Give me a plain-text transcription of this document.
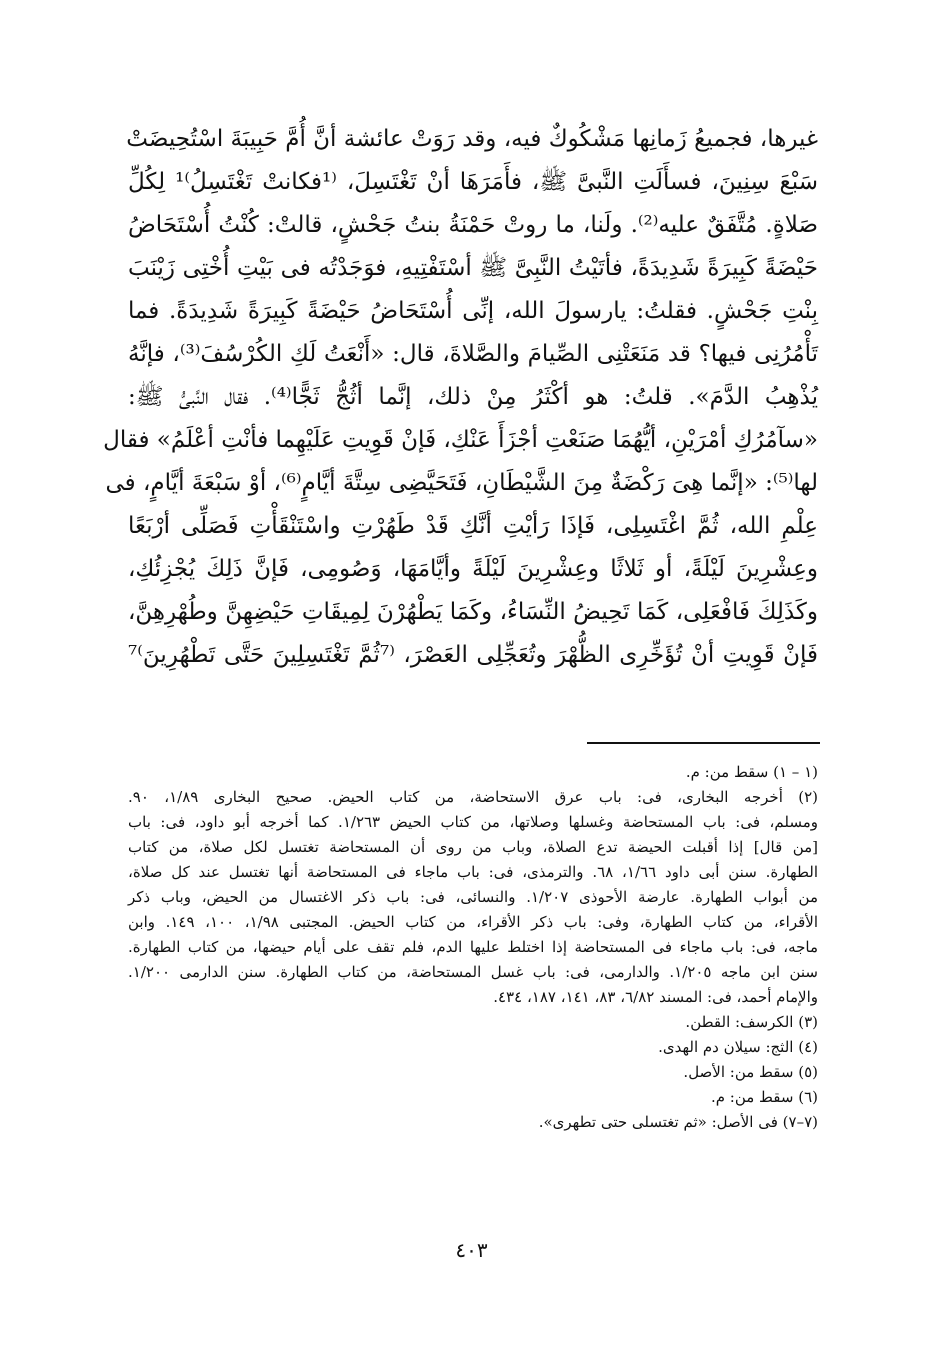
غيرها، فجميعُ زَمانِها مَشْكُوكٌ فيه، وقد رَوَتْ عائشة أنَّ أُمَّ حَبِيبَةَ اسْتُحِيضَتْ
سَبْعَ سِنِينَ، فسأَلَتِ النَّبىَّ ﷺ، فأَمَرَهَا أنْ تَغْتَسِلَ، ⁽¹فكانتْ تَغْتَسِلُ⁾¹ لِكُلِّ
صَلاةٍ. مُتَّفَقٌ عليه⁽²⁾. ولَنا، ما روتْ حَمْنَةُ بنتُ جَحْشٍ، قالتْ: كُنْتُ أُسْتَحَاضُ
حَيْضَةً كَبِيرَةً شَدِيدَةً، فأتَيْتُ النَّبِىَّ ﷺ أسْتَفْتِيهِ، فوَجَدْتُه فى بَيْتِ أُخْتِى زَيْنَبَ
بِنْتِ جَحْشٍ. فقلتُ: يارسولَ الله، إنِّى أُسْتَحَاضُ حَيْضَةً كَبِيرَةً شَدِيدَةً. فما
تَأْمُرُنِى فيها؟ قد مَنَعَتْنِى الصِّيامَ والصَّلاةَ، قال: «أَنْعَتُ لَكِ الكُرْسُفَ⁽³⁾، فإنَّهُ
يُذْهِبُ الدَّمَ». قلتُ: هو أكْثَرُ مِنْ ذلك، إنَّما أثُجُّ ثَجًّا⁽⁴⁾. فقال النَّبىُّ ﷺ:
«سآمُرُكِ أمْرَيْنِ، أيُّهُمَا صَنَعْتِ أجْزَأَ عَنْكِ، فَإنْ قَوِيتِ عَلَيْهِما فأنْتِ أعْلَمُ» فقال
لها⁽⁵⁾: «إنَّما هِىَ رَكْضَةٌ مِنَ الشَّيْطَانِ، فَتَحَيَّضِى سِتَّةَ أيَّامٍ⁽⁶⁾، أوْ سَبْعَةَ أيَّامٍ، فى
عِلْمِ الله، ثُمَّ اغْتَسِلِى، فَإذَا رَأيْتِ أنَّكِ قَدْ طَهُرْتِ واسْتَنْقَأْتِ فَصَلِّى أرْبَعًا
وعِشْرِينَ لَيْلَةً، أو ثَلاثًا وعِشْرِينَ لَيْلَةً وأيَّامَهَا، وَصُومِى، فَإنَّ ذَلِكَ يُجْزِئُكِ،
وكَذَلِكَ فَافْعَلِى، كَمَا تَحِيضُ النِّسَاءُ، وكَمَا يَطْهُرْنَ لِمِيقَاتِ حَيْضِهِنَّ وطُهْرِهِنَّ،
فَإنْ قَوِيتِ أنْ تُؤَخِّرِى الظُّهْرَ وتُعَجِّلِى العَصْرَ، ⁽⁷ثُمَّ تَغْتَسِلِينَ حَتَّى تَطْهُرِينَ⁾⁷
(١ – ١) سقط من: م.
(٢) أخرجه البخارى، فى: باب عرق الاستحاضة، من كتاب الحيض. صحيح البخارى ١/٨٩، ٩٠.
ومسلم، فى: باب المستحاضة وغسلها وصلاتها، من كتاب الحيض ١/٢٦٣. كما أخرجه أبو داود، فى: باب
[من قال] إذا أقبلت الحيضة تدع الصلاة، وباب من روى أن المستحاضة تغتسل لكل صلاة، من كتاب
الطهارة. سنن أبى داود ١/٦٦، ٦٨. والترمذى، فى: باب ماجاء فى المستحاضة أنها تغتسل عند كل صلاة،
من أبواب الطهارة. عارضة الأحوذى ١/٢٠٧. والنسائى، فى: باب ذكر الاغتسال من الحيض، وباب ذكر
الأقراء، من كتاب الطهارة، وفى: باب ذكر الأقراء، من كتاب الحيض. المجتبى ١/٩٨، ١٠٠، ١٤٩. وابن
ماجه، فى: باب ماجاء فى المستحاضة إذا اختلط عليها الدم، فلم تقف على أيام حيضها، من كتاب الطهارة.
سنن ابن ماجه ١/٢٠٥. والدارمى، فى: باب غسل المستحاضة، من كتاب الطهارة. سنن الدارمى ١/٢٠٠.
والإمام أحمد، فى: المسند ٦/٨٢، ٨٣، ١٤١، ١٨٧، ٤٣٤.
(٣) الكرسف: القطن.
(٤) الثج: سيلان دم الهدى.
(٥) سقط من: الأصل.
(٦) سقط من: م.
(٧–٧) فى الأصل: «ثم تغتسلى حتى تطهرى».
٤٠٣
